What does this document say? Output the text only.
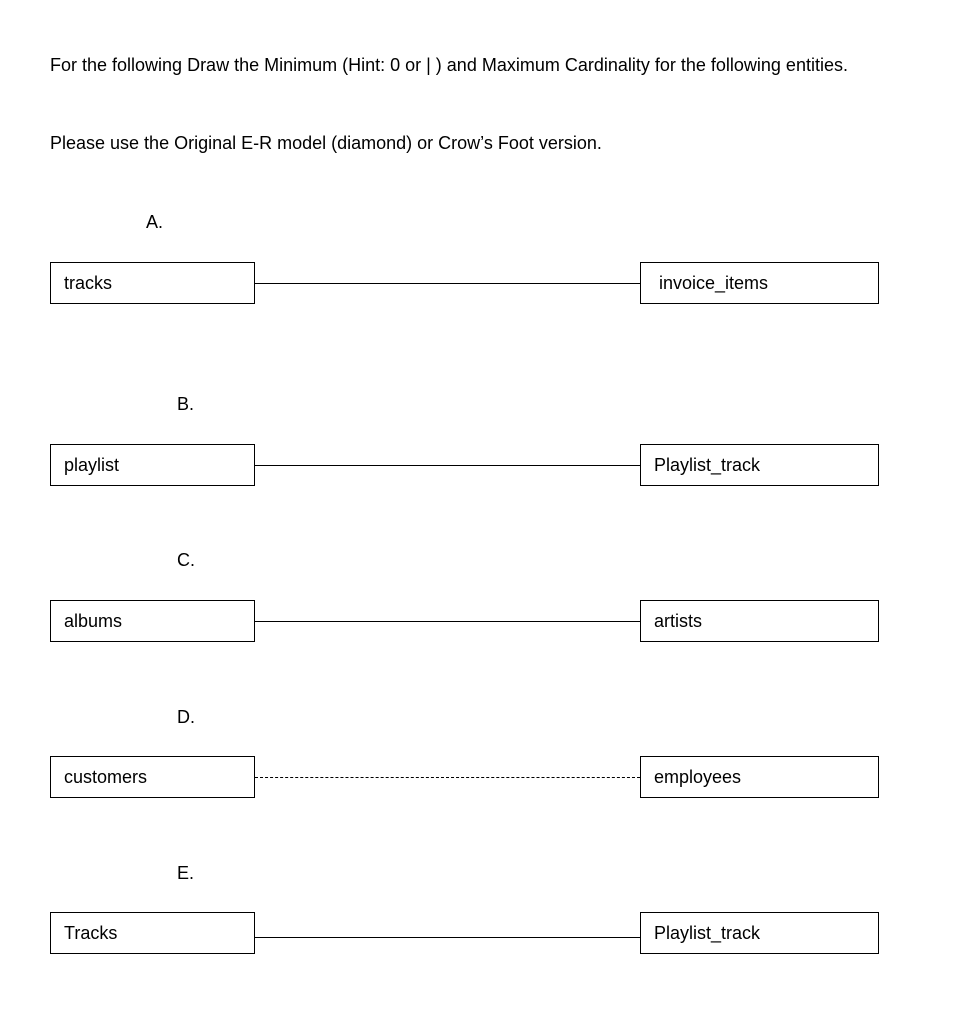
For the following Draw the Minimum (Hint: 0 or | ) and Maximum Cardinality for the following entities.

Please use the Original E-R model (diamond) or Crow’s Foot version.

A.
tracks	invoice_items
B.
playlist	Playlist_track
C.
albums	artists
D.
customers	employees
E.
Tracks	Playlist_track
